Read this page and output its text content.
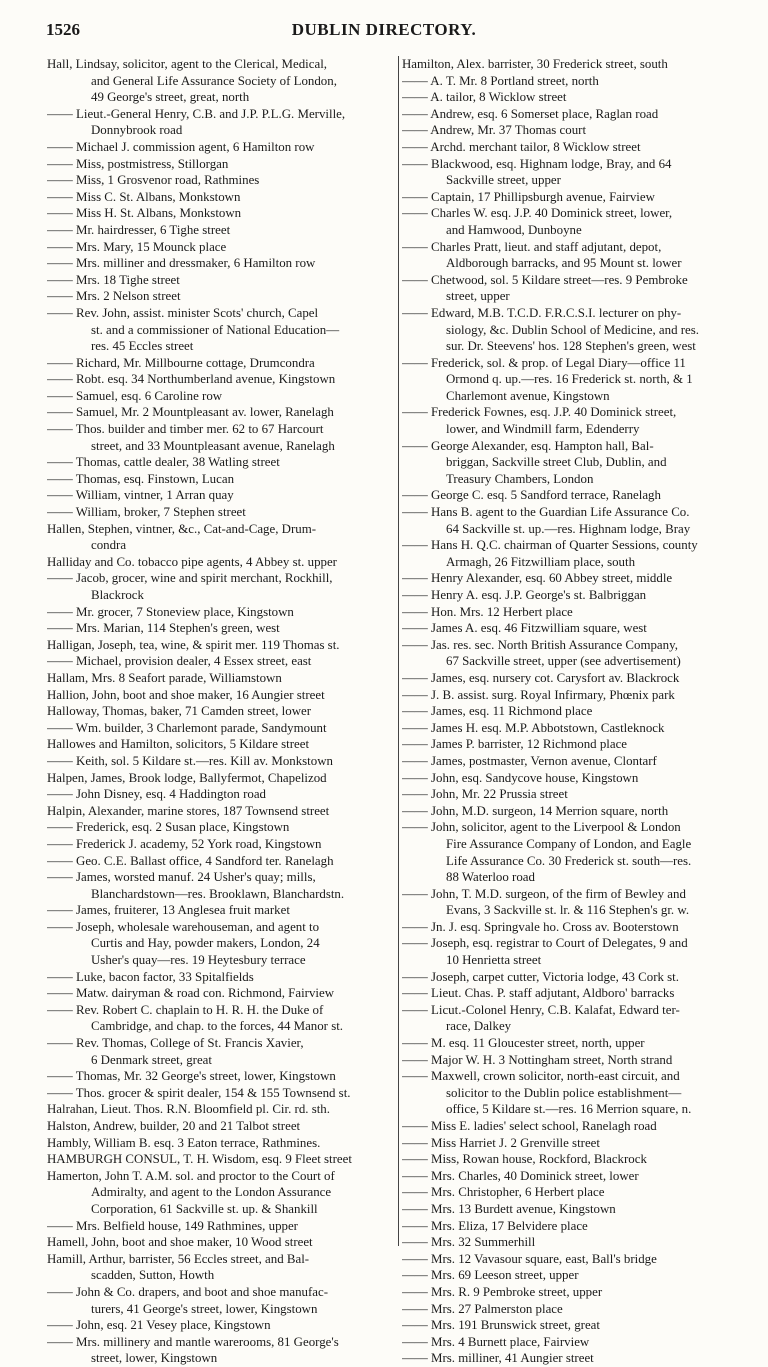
1526	DUBLIN DIRECTORY.
Hall, Lindsay, solicitor, agent to the Clerical, Medical,
and General Life Assurance Society of London,
49 George's street, great, north
—— Lieut.-General Henry, C.B. and J.P. P.L.G. Merville,
Donnybrook road
—— Michael J. commission agent, 6 Hamilton row
—— Miss, postmistress, Stillorgan
—— Miss, 1 Grosvenor road, Rathmines
—— Miss C. St. Albans, Monkstown
—— Miss H. St. Albans, Monkstown
—— Mr. hairdresser, 6 Tighe street
—— Mrs. Mary, 15 Mounck place
—— Mrs. milliner and dressmaker, 6 Hamilton row
—— Mrs. 18 Tighe street
—— Mrs. 2 Nelson street
—— Rev. John, assist. minister Scots' church, Capel
st. and a commissioner of National Education—
res. 45 Eccles street
—— Richard, Mr. Millbourne cottage, Drumcondra
—— Robt. esq. 34 Northumberland avenue, Kingstown
—— Samuel, esq. 6 Caroline row
—— Samuel, Mr. 2 Mountpleasant av. lower, Ranelagh
—— Thos. builder and timber mer. 62 to 67 Harcourt
street, and 33 Mountpleasant avenue, Ranelagh
—— Thomas, cattle dealer, 38 Watling street
—— Thomas, esq. Finstown, Lucan
—— William, vintner, 1 Arran quay
—— William, broker, 7 Stephen street
Hallen, Stephen, vintner, &c., Cat-and-Cage, Drum-
condra
Halliday and Co. tobacco pipe agents, 4 Abbey st. upper
—— Jacob, grocer, wine and spirit merchant, Rockhill,
Blackrock
—— Mr. grocer, 7 Stoneview place, Kingstown
—— Mrs. Marian, 114 Stephen's green, west
Halligan, Joseph, tea, wine, & spirit mer. 119 Thomas st.
—— Michael, provision dealer, 4 Essex street, east
Hallam, Mrs. 8 Seafort parade, Williamstown
Hallion, John, boot and shoe maker, 16 Aungier street
Halloway, Thomas, baker, 71 Camden street, lower
—— Wm. builder, 3 Charlemont parade, Sandymount
Hallowes and Hamilton, solicitors, 5 Kildare street
—— Keith, sol. 5 Kildare st.—res. Kill av. Monkstown
Halpen, James, Brook lodge, Ballyfermot, Chapelizod
—— John Disney, esq. 4 Haddington road
Halpin, Alexander, marine stores, 187 Townsend street
—— Frederick, esq. 2 Susan place, Kingstown
—— Frederick J. academy, 52 York road, Kingstown
—— Geo. C.E. Ballast office, 4 Sandford ter. Ranelagh
—— James, worsted manuf. 24 Usher's quay; mills,
Blanchardstown—res. Brooklawn, Blanchardstn.
—— James, fruiterer, 13 Anglesea fruit market
—— Joseph, wholesale warehouseman, and agent to
Curtis and Hay, powder makers, London, 24
Usher's quay—res. 19 Heytesbury terrace
—— Luke, bacon factor, 33 Spitalfields
—— Matw. dairyman & road con. Richmond, Fairview
—— Rev. Robert C. chaplain to H. R. H. the Duke of
Cambridge, and chap. to the forces, 44 Manor st.
—— Rev. Thomas, College of St. Francis Xavier,
6 Denmark street, great
—— Thomas, Mr. 32 George's street, lower, Kingstown
—— Thos. grocer & spirit dealer, 154 & 155 Townsend st.
Halrahan, Lieut. Thos. R.N. Bloomfield pl. Cir. rd. sth.
Halston, Andrew, builder, 20 and 21 Talbot street
Hambly, William B. esq. 3 Eaton terrace, Rathmines.
HAMBURGH CONSUL, T. H. Wisdom, esq. 9 Fleet street
Hamerton, John T. A.M. sol. and proctor to the Court of
Admiralty, and agent to the London Assurance
Corporation, 61 Sackville st. up. & Shankill
—— Mrs. Belfield house, 149 Rathmines, upper
Hamell, John, boot and shoe maker, 10 Wood street
Hamill, Arthur, barrister, 56 Eccles street, and Bal-
scadden, Sutton, Howth
—— John & Co. drapers, and boot and shoe manufac-
turers, 41 George's street, lower, Kingstown
—— John, esq. 21 Vesey place, Kingstown
—— Mrs. millinery and mantle warerooms, 81 George's
street, lower, Kingstown
Hamilton, Alex. barrister, 30 Frederick street, south
—— A. T. Mr. 8 Portland street, north
—— A. tailor, 8 Wicklow street
—— Andrew, esq. 6 Somerset place, Raglan road
—— Andrew, Mr. 37 Thomas court
—— Archd. merchant tailor, 8 Wicklow street
—— Blackwood, esq. Highnam lodge, Bray, and 64
Sackville street, upper
—— Captain, 17 Phillipsburgh avenue, Fairview
—— Charles W. esq. J.P. 40 Dominick street, lower,
and Hamwood, Dunboyne
—— Charles Pratt, lieut. and staff adjutant, depot,
Aldborough barracks, and 95 Mount st. lower
—— Chetwood, sol. 5 Kildare street—res. 9 Pembroke
street, upper
—— Edward, M.B. T.C.D. F.R.C.S.I. lecturer on phy-
siology, &c. Dublin School of Medicine, and res.
sur. Dr. Steevens' hos. 128 Stephen's green, west
—— Frederick, sol. & prop. of Legal Diary—office 11
Ormond q. up.—res. 16 Frederick st. north, & 1
Charlemont avenue, Kingstown
—— Frederick Fownes, esq. J.P. 40 Dominick street,
lower, and Windmill farm, Edenderry
—— George Alexander, esq. Hampton hall, Bal-
briggan, Sackville street Club, Dublin, and
Treasury Chambers, London
—— George C. esq. 5 Sandford terrace, Ranelagh
—— Hans B. agent to the Guardian Life Assurance Co.
64 Sackville st. up.—res. Highnam lodge, Bray
—— Hans H. Q.C. chairman of Quarter Sessions, county
Armagh, 26 Fitzwilliam place, south
—— Henry Alexander, esq. 60 Abbey street, middle
—— Henry A. esq. J.P. George's st. Balbriggan
—— Hon. Mrs. 12 Herbert place
—— James A. esq. 46 Fitzwilliam square, west
—— Jas. res. sec. North British Assurance Company,
67 Sackville street, upper (see advertisement)
—— James, esq. nursery cot. Carysfort av. Blackrock
—— J. B. assist. surg. Royal Infirmary, Phœnix park
—— James, esq. 11 Richmond place
—— James H. esq. M.P. Abbotstown, Castleknock
—— James P. barrister, 12 Richmond place
—— James, postmaster, Vernon avenue, Clontarf
—— John, esq. Sandycove house, Kingstown
—— John, Mr. 22 Prussia street
—— John, M.D. surgeon, 14 Merrion square, north
—— John, solicitor, agent to the Liverpool & London
Fire Assurance Company of London, and Eagle
Life Assurance Co. 30 Frederick st. south—res.
88 Waterloo road
—— John, T. M.D. surgeon, of the firm of Bewley and
Evans, 3 Sackville st. lr. & 116 Stephen's gr. w.
—— Jn. J. esq. Springvale ho. Cross av. Booterstown
—— Joseph, esq. registrar to Court of Delegates, 9 and
10 Henrietta street
—— Joseph, carpet cutter, Victoria lodge, 43 Cork st.
—— Lieut. Chas. P. staff adjutant, Aldboro' barracks
—— Licut.-Colonel Henry, C.B. Kalafat, Edward ter-
race, Dalkey
—— M. esq. 11 Gloucester street, north, upper
—— Major W. H. 3 Nottingham street, North strand
—— Maxwell, crown solicitor, north-east circuit, and
solicitor to the Dublin police establishment—
office, 5 Kildare st.—res. 16 Merrion square, n.
—— Miss E. ladies' select school, Ranelagh road
—— Miss Harriet J. 2 Grenville street
—— Miss, Rowan house, Rockford, Blackrock
—— Mrs. Charles, 40 Dominick street, lower
—— Mrs. Christopher, 6 Herbert place
—— Mrs. 13 Burdett avenue, Kingstown
—— Mrs. Eliza, 17 Belvidere place
—— Mrs. 32 Summerhill
—— Mrs. 12 Vavasour square, east, Ball's bridge
—— Mrs. 69 Leeson street, upper
—— Mrs. R. 9 Pembroke street, upper
—— Mrs. 27 Palmerston place
—— Mrs. 191 Brunswick street, great
—— Mrs. 4 Burnett place, Fairview
—— Mrs. milliner, 41 Aungier street
